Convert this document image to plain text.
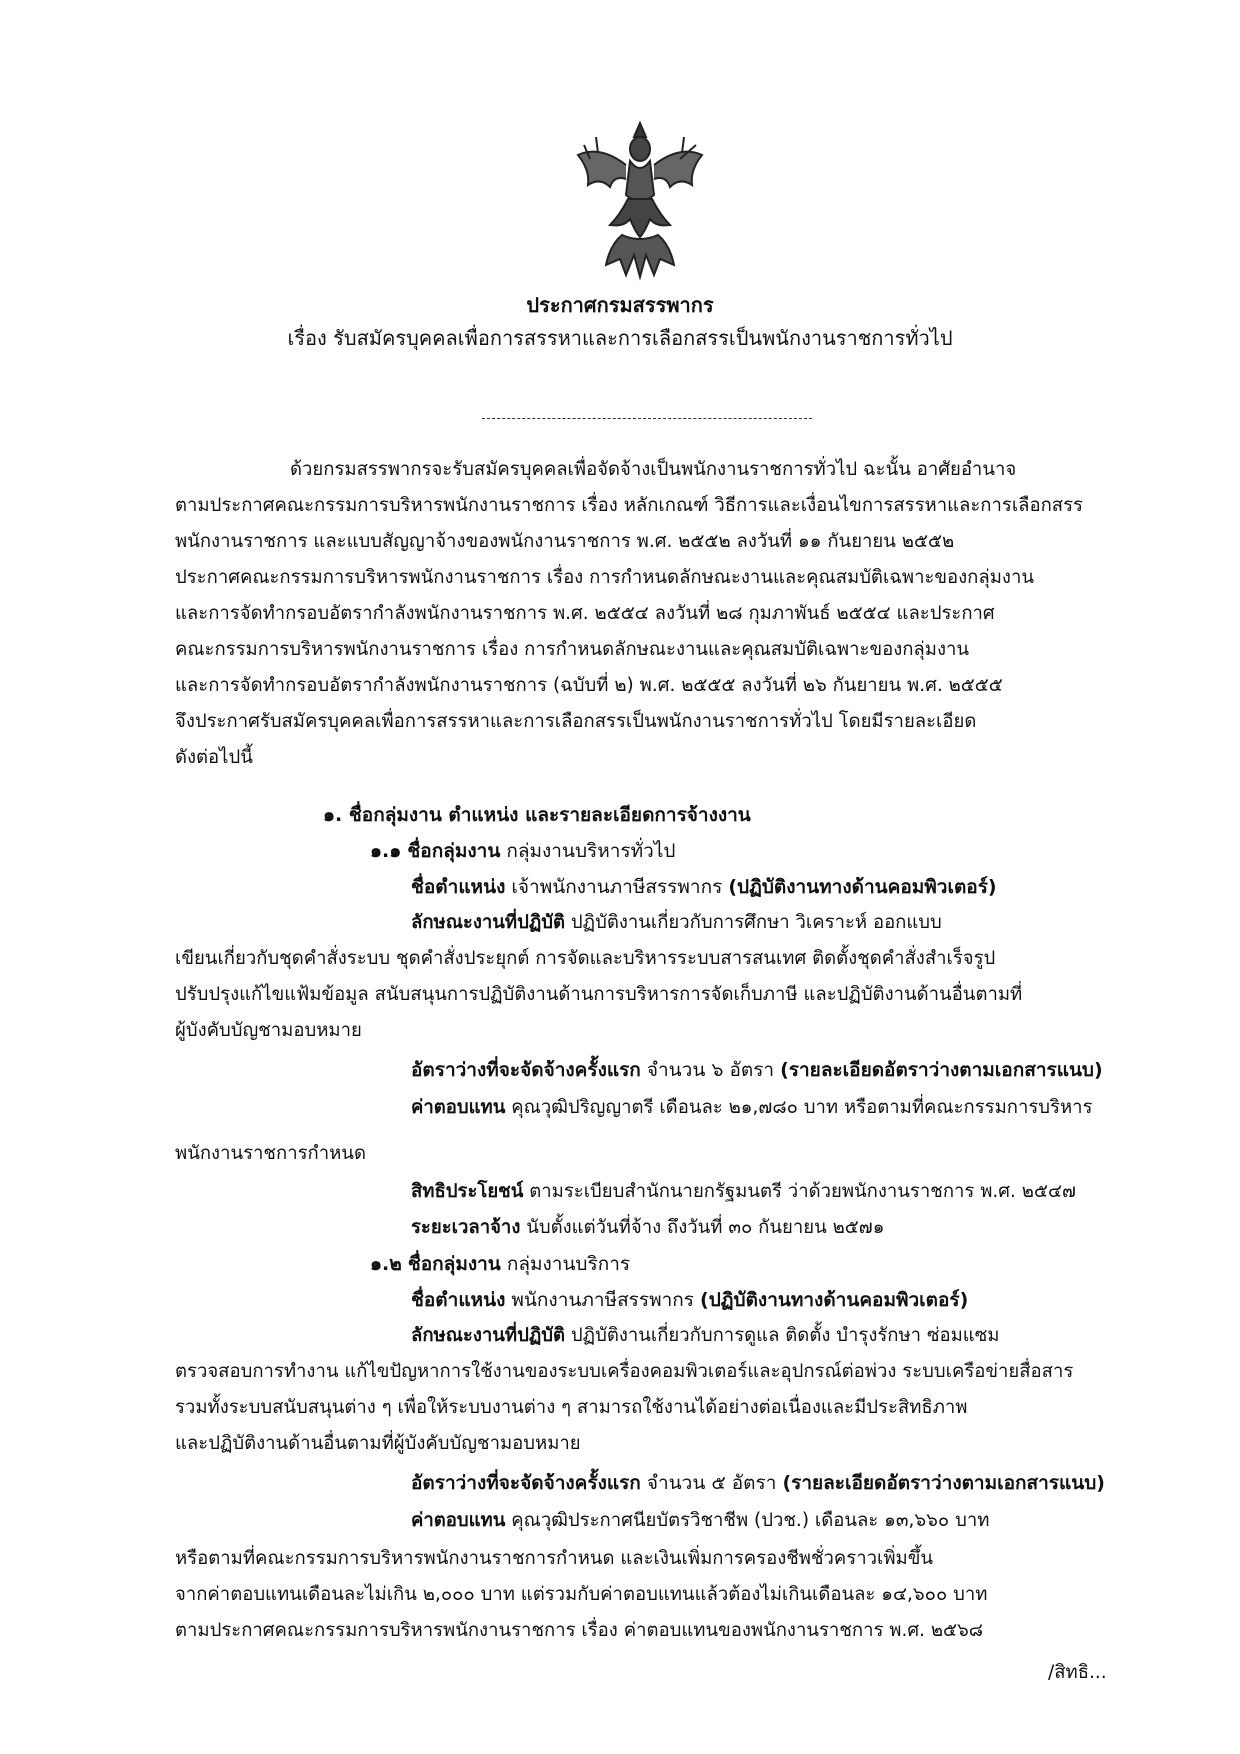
ประกาศกรมสรรพากร
เรื่อง รับสมัครบุคคลเพื่อการสรรหาและการเลือกสรรเป็นพนักงานราชการทั่วไป
ด้วยกรมสรรพากรจะรับสมัครบุคคลเพื่อจัดจ้างเป็นพนักงานราชการทั่วไป ฉะนั้น อาศัยอำนาจ
ตามประกาศคณะกรรมการบริหารพนักงานราชการ เรื่อง หลักเกณฑ์ วิธีการและเงื่อนไขการสรรหาและการเลือกสรร
พนักงานราชการ และแบบสัญญาจ้างของพนักงานราชการ พ.ศ. ๒๕๕๒ ลงวันที่ ๑๑ กันยายน ๒๕๕๒
ประกาศคณะกรรมการบริหารพนักงานราชการ เรื่อง การกำหนดลักษณะงานและคุณสมบัติเฉพาะของกลุ่มงาน
และการจัดทำกรอบอัตรากำลังพนักงานราชการ พ.ศ. ๒๕๕๔ ลงวันที่ ๒๘ กุมภาพันธ์ ๒๕๕๔ และประกาศ
คณะกรรมการบริหารพนักงานราชการ เรื่อง การกำหนดลักษณะงานและคุณสมบัติเฉพาะของกลุ่มงาน
และการจัดทำกรอบอัตรากำลังพนักงานราชการ (ฉบับที่ ๒) พ.ศ. ๒๕๕๕ ลงวันที่ ๒๖ กันยายน พ.ศ. ๒๕๕๕
จึงประกาศรับสมัครบุคคลเพื่อการสรรหาและการเลือกสรรเป็นพนักงานราชการทั่วไป โดยมีรายละเอียด
ดังต่อไปนี้
๑. ชื่อกลุ่มงาน ตำแหน่ง และรายละเอียดการจ้างงาน
๑.๑ ชื่อกลุ่มงาน กลุ่มงานบริหารทั่วไป
ชื่อตำแหน่ง เจ้าพนักงานภาษีสรรพากร (ปฏิบัติงานทางด้านคอมพิวเตอร์)
ลักษณะงานที่ปฏิบัติ ปฏิบัติงานเกี่ยวกับการศึกษา วิเคราะห์ ออกแบบ
เขียนเกี่ยวกับชุดคำสั่งระบบ ชุดคำสั่งประยุกต์ การจัดและบริหารระบบสารสนเทศ ติดตั้งชุดคำสั่งสำเร็จรูป
ปรับปรุงแก้ไขแฟ้มข้อมูล สนับสนุนการปฏิบัติงานด้านการบริหารการจัดเก็บภาษี และปฏิบัติงานด้านอื่นตามที่
ผู้บังคับบัญชามอบหมาย
อัตราว่างที่จะจัดจ้างครั้งแรก จำนวน ๖ อัตรา (รายละเอียดอัตราว่างตามเอกสารแนบ)
ค่าตอบแทน คุณวุฒิปริญญาตรี เดือนละ ๒๑,๗๘๐ บาท หรือตามที่คณะกรรมการบริหาร
พนักงานราชการกำหนด
สิทธิประโยชน์ ตามระเบียบสำนักนายกรัฐมนตรี ว่าด้วยพนักงานราชการ พ.ศ. ๒๕๔๗
ระยะเวลาจ้าง นับตั้งแต่วันที่จ้าง ถึงวันที่ ๓๐ กันยายน ๒๕๗๑
๑.๒ ชื่อกลุ่มงาน กลุ่มงานบริการ
ชื่อตำแหน่ง พนักงานภาษีสรรพากร (ปฏิบัติงานทางด้านคอมพิวเตอร์)
ลักษณะงานที่ปฏิบัติ ปฏิบัติงานเกี่ยวกับการดูแล ติดตั้ง บำรุงรักษา ซ่อมแซม
ตรวจสอบการทำงาน แก้ไขปัญหาการใช้งานของระบบเครื่องคอมพิวเตอร์และอุปกรณ์ต่อพ่วง ระบบเครือข่ายสื่อสาร
รวมทั้งระบบสนับสนุนต่าง ๆ เพื่อให้ระบบงานต่าง ๆ สามารถใช้งานได้อย่างต่อเนื่องและมีประสิทธิภาพ
และปฏิบัติงานด้านอื่นตามที่ผู้บังคับบัญชามอบหมาย
อัตราว่างที่จะจัดจ้างครั้งแรก จำนวน ๕ อัตรา (รายละเอียดอัตราว่างตามเอกสารแนบ)
ค่าตอบแทน คุณวุฒิประกาศนียบัตรวิชาชีพ (ปวช.) เดือนละ ๑๓,๖๖๐ บาท
หรือตามที่คณะกรรมการบริหารพนักงานราชการกำหนด และเงินเพิ่มการครองชีพชั่วคราวเพิ่มขึ้น
จากค่าตอบแทนเดือนละไม่เกิน ๒,๐๐๐ บาท แต่รวมกับค่าตอบแทนแล้วต้องไม่เกินเดือนละ ๑๔,๖๐๐ บาท
ตามประกาศคณะกรรมการบริหารพนักงานราชการ เรื่อง ค่าตอบแทนของพนักงานราชการ พ.ศ. ๒๕๖๘
/สิทธิ...
